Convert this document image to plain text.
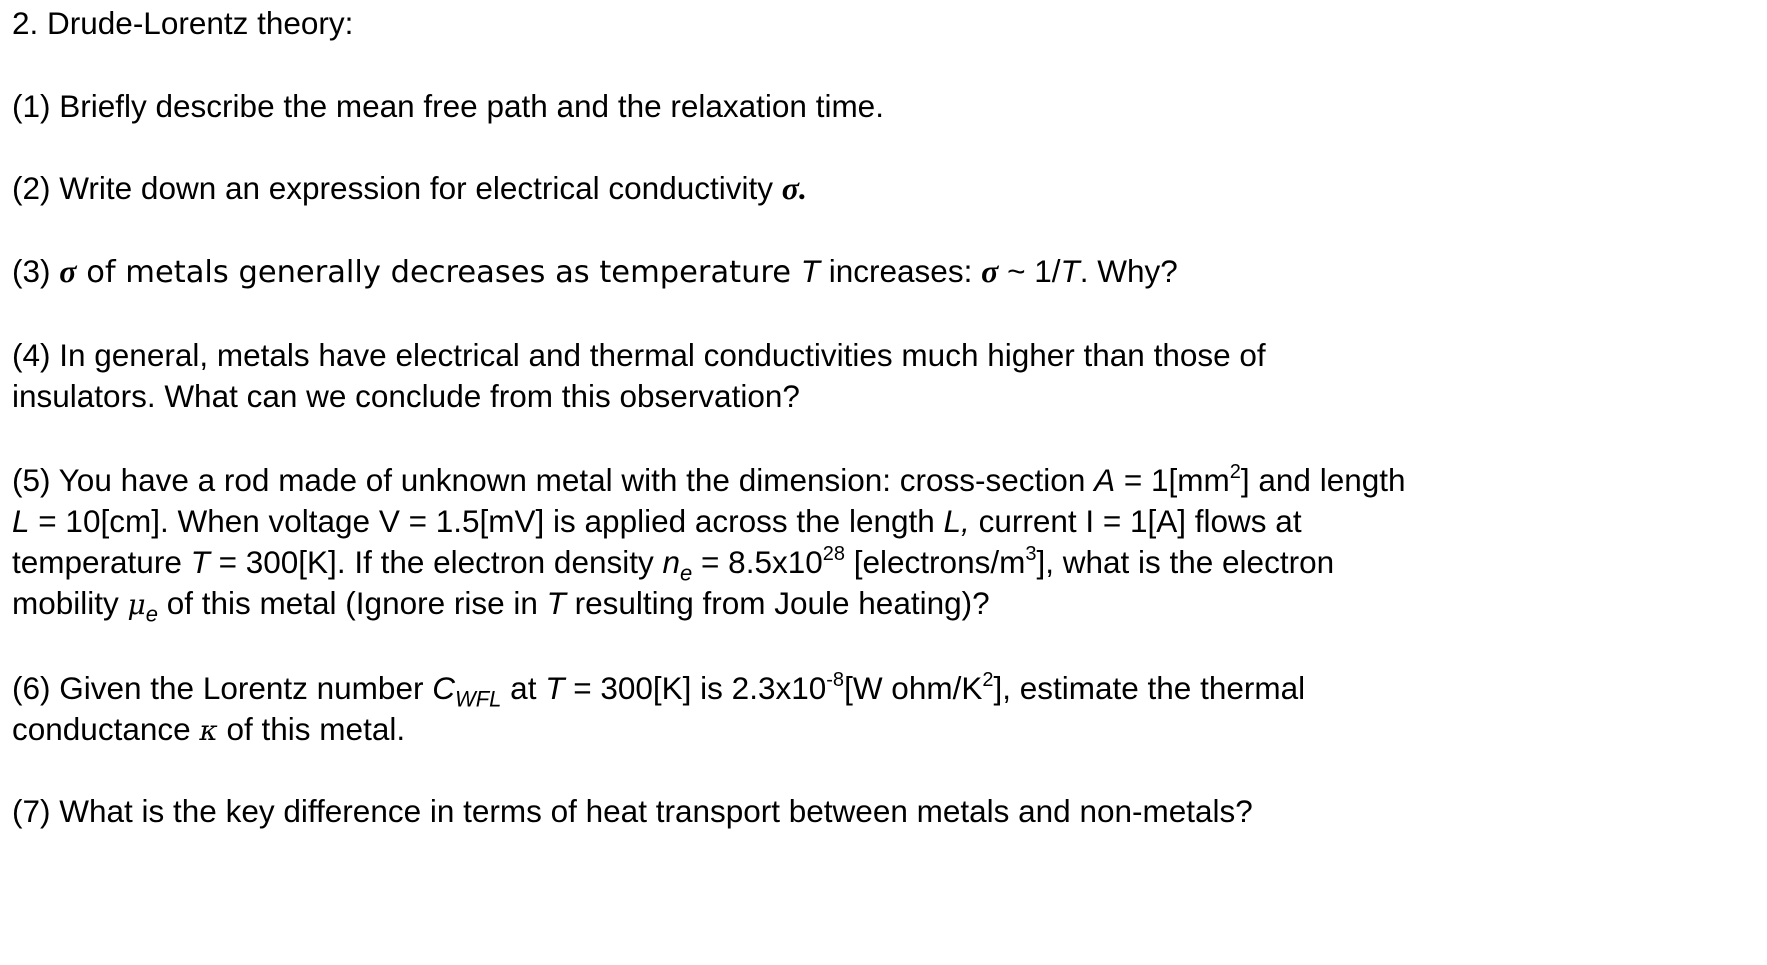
2. Drude-Lorentz theory:
(1) Briefly describe the mean free path and the relaxation time.
(2) Write down an expression for electrical conductivity σ.
(3) σ of metals generally decreases as temperature T increases: σ ~ 1/T. Why?
(4) In general, metals have electrical and thermal conductivities much higher than those of
insulators. What can we conclude from this observation?
(5) You have a rod made of unknown metal with the dimension: cross-section $A = 1[mm^2]$ and length
L = 10[cm]. When voltage V = 1.5[mV] is applied across the length L, current I = 1[A] flows at
temperature T = 300[K]. If the electron density $n_e = 8.5x10^{28}$ $[electrons/m^3]$, what is the electron
mobility $\mu_e$ of this metal (Ignore rise in T resulting from Joule heating)?
(6) Given the Lorentz number $C_{WFL}$ at T = 300[K] is $2.3x10^{-8}[W$ ohm/$K^2$], estimate the thermal
conductance κ of this metal.
(7) What is the key difference in terms of heat transport between metals and non-metals?
